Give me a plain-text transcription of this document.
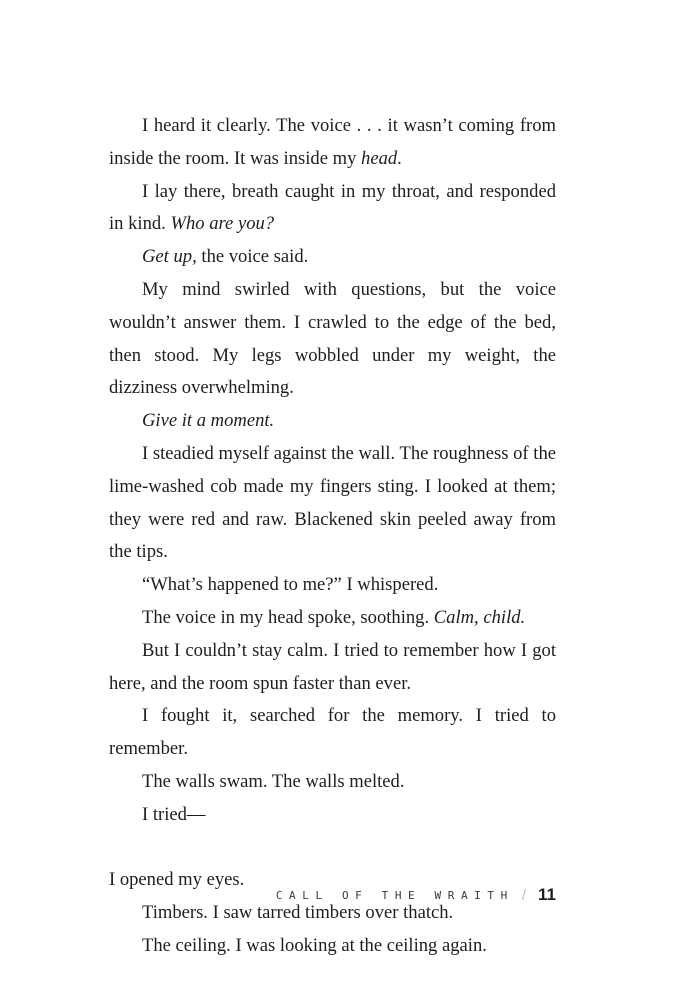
I heard it clearly. The voice . . . it wasn’t coming from inside the room. It was inside my head.

I lay there, breath caught in my throat, and responded in kind. Who are you?

Get up, the voice said.

My mind swirled with questions, but the voice wouldn’t answer them. I crawled to the edge of the bed, then stood. My legs wobbled under my weight, the dizziness overwhelming.

Give it a moment.

I steadied myself against the wall. The roughness of the lime-washed cob made my fingers sting. I looked at them; they were red and raw. Blackened skin peeled away from the tips.

“What’s happened to me?” I whispered.

The voice in my head spoke, soothing. Calm, child.

But I couldn’t stay calm. I tried to remember how I got here, and the room spun faster than ever.

I fought it, searched for the memory. I tried to remember.

The walls swam. The walls melted.

I tried—

I opened my eyes.

Timbers. I saw tarred timbers over thatch.

The ceiling. I was looking at the ceiling again.

CALL OF THE WRAITH / 11
